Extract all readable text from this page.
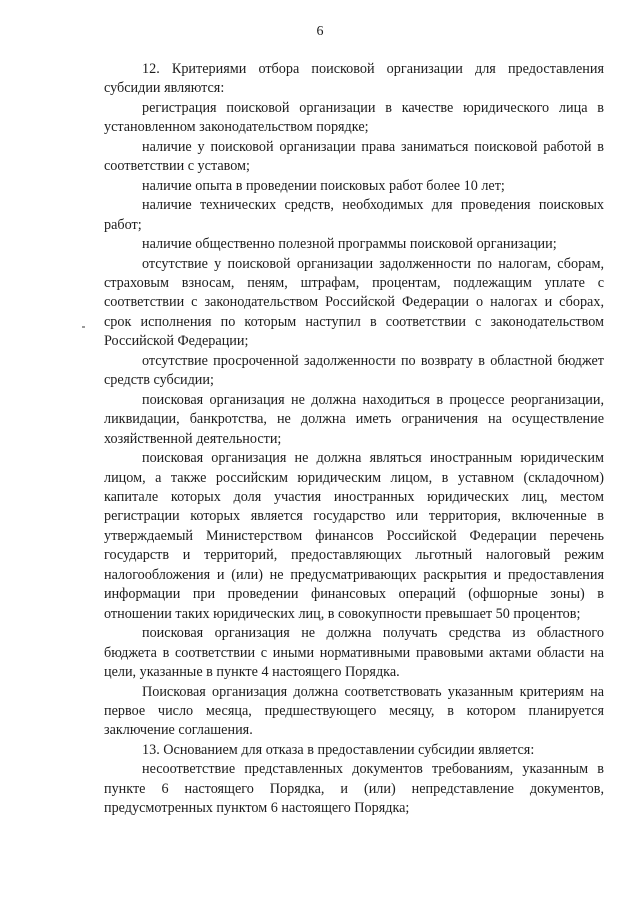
6

12. Критериями отбора поисковой организации для предоставления субсидии являются:

регистрация поисковой организации в качестве юридического лица в установленном законодательством порядке;

наличие у поисковой организации права заниматься поисковой работой в соответствии с уставом;

наличие опыта в проведении поисковых работ более 10 лет;

наличие технических средств, необходимых для проведения поисковых работ;

наличие общественно полезной программы поисковой организации;

отсутствие у поисковой организации задолженности по налогам, сборам, страховым взносам, пеням, штрафам, процентам, подлежащим уплате с соответствии с законодательством Российской Федерации о налогах и сборах, срок исполнения по которым наступил в соответствии с законодательством Российской Федерации;

отсутствие просроченной задолженности по возврату в областной бюджет средств субсидии;

поисковая организация не должна находиться в процессе реорганизации, ликвидации, банкротства, не должна иметь ограничения на осуществление хозяйственной деятельности;

поисковая организация не должна являться иностранным юридическим лицом, а также российским юридическим лицом, в уставном (складочном) капитале которых доля участия иностранных юридических лиц, местом регистрации которых является государство или территория, включенные в утверждаемый Министерством финансов Российской Федерации перечень государств и территорий, предоставляющих льготный налоговый режим налогообложения и (или) не предусматривающих раскрытия и предоставления информации при проведении финансовых операций (офшорные зоны) в отношении таких юридических лиц, в совокупности превышает 50 процентов;

поисковая организация не должна получать средства из областного бюджета в соответствии с иными нормативными правовыми актами области на цели, указанные в пункте 4 настоящего Порядка.

Поисковая организация должна соответствовать указанным критериям на первое число месяца, предшествующего месяцу, в котором планируется заключение соглашения.

13. Основанием для отказа в предоставлении субсидии является:

несоответствие представленных документов требованиям, указанным в пункте 6 настоящего Порядка, и (или) непредставление документов, предусмотренных пунктом 6 настоящего Порядка;
